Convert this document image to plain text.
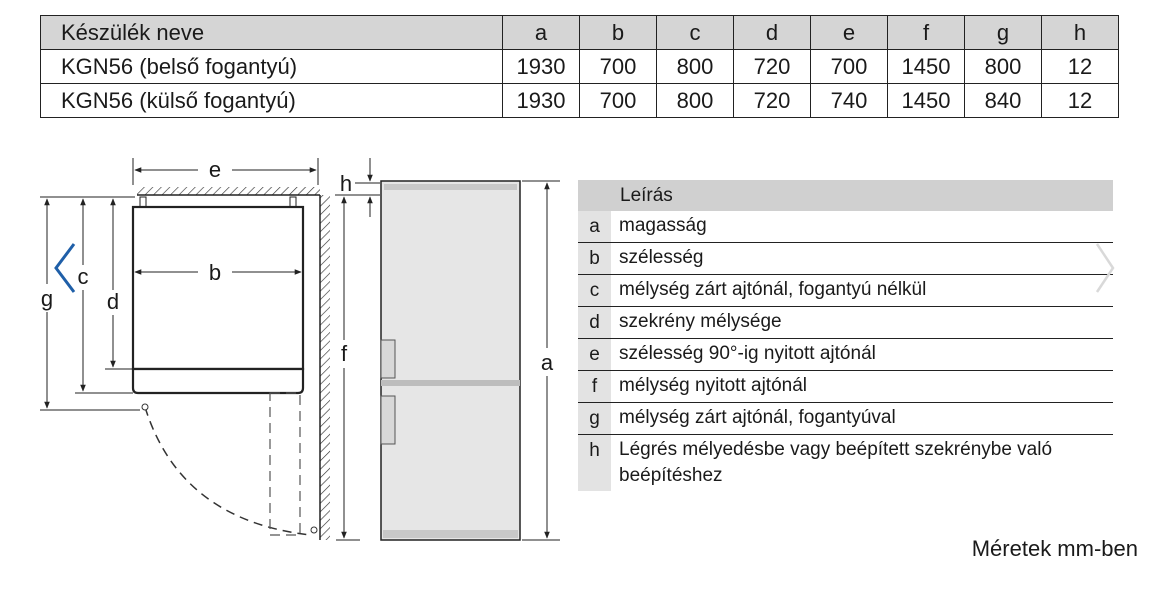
Készülék neve	a	b	c	d	e	f	g	h
KGN56 (belső fogantyú)	1930	700	800	720	700	1450	800	12
KGN56 (külső fogantyú)	1930	700	800	720	740	1450	840	12
e
b
g
c
d
h
f	a
Leírás
a	magasság
b	szélesség
c	mélység zárt ajtónál, fogantyú nélkül
d	szekrény mélysége
e	szélesség 90°-ig nyitott ajtónál
f	mélység nyitott ajtónál
g	mélység zárt ajtónál, fogantyúval
h	Légrés mélyedésbe vagy beépített szekrénybe való beépítéshez
Méretek mm-ben
